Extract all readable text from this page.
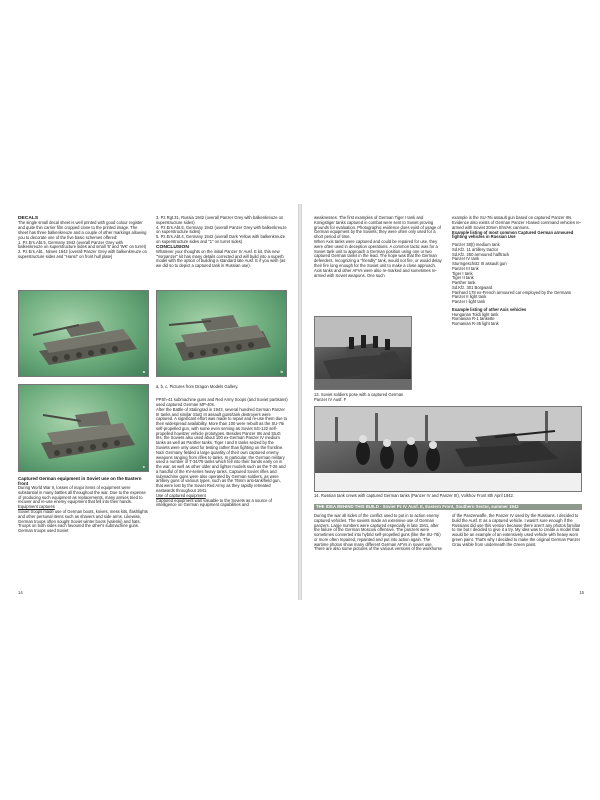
DECALS

The single small decal sheet is well printed with good colour register and quite thin carrier film cropped close to the printed image. The sheet has three balkenkreuze and a couple of other markings allowing you to decorate one of the five basic schemes offered:

1. Pz.Ers.Abt.5, Germany 1942 (overall Panzer Grey with balkenkreuze on superstructure sides and small '6' and 'WK' on turret)
2. Pz.Ers.Abt., Nimes 1942 (overall Panzer Grey with balkenkreuze on superstructure sides and "Hansi" on front hull plate)
3. Pz.Rgt.31, Russia 1942 (overall Panzer Grey with balkenkreuze on superstructure sides)
4. Pz.Ers.Abt.5, Germany 1942 (overall Panzer Grey with balkenkreuze on superstructure sides)
5. Pz.Ers.Abt.4, Germany 1942 (overall Dark Yellow with balkenkreuze on superstructure sides and "1" on turret sides)
CONCLUSION

Whatever your thoughts on the initial Panzer IV Ausf. E kit, this new "Vorpanzer" kit has many details corrected and will build into a superb model with the option of building a standard late Ausf. E if you wish (as we did so to depict a captured tank in Russian use).

a	b
c
a, b, c. Pictures from Dragon Models Gallery.
Captured German equipment in Soviet use on the Eastern front

During World War II, losses of major items of equipment were substantial in many battles all throughout the war. Due to the expense of producing such equipment as replacements, many armies tried to recover and re-use enemy equipment that fell into their hands.

Equipment captures

Soviet troops made use of German boots, knives, mess kits, flashlights and other personal items such as shavers and side arms. Likewise, German troops often sought Soviet winter boots (valenki) and hats. Troops on both sides each favoured the other's submachine guns. German troops used Soviet

PPSh-41 submachine guns and Red Army troops (and Soviet partisans) used captured German MP-40s.

After the Battle of Stalingrad in 1943, several hundred German Panzer III tanks and similar StuG III assault guns/tank destroyers were captured. A significant effort was made to repair and re-use them due to their widespread availability. More than 100 were rebuilt as the SU-76i self-propelled gun, with some even serving as Soviet SG-122 self-propelled howitzer vehicle prototypes. Besides Panzer IIIs and StuG IIIs, the Soviets also used about 100 ex-German Panzer IV medium tanks as well as Panther tanks. Tiger I and II tanks seized by the Soviets were only used for testing rather than fighting on the frontline.

Nazi Germany fielded a large quantity of their own captured enemy weapons ranging from rifles to tanks. In particular, the German military used a number of T-34/76 tanks which fell into their hands early on in the war, as well as other older and lighter models such as the T-26 and a handful of the KV-series heavy tanks. Captured Soviet rifles and submachine guns were also operated by German soldiers, as were artillery guns of various types, such as the 76mm anti-tank/field gun, that were lost by the Soviet Red Army as they rapidly retreated eastwards throughout 1941.

Use of captured equipment

Captured equipment was valuable to the Soviets as a source of intelligence on German equipment capabilities and

14

weaknesses. The first examples of German Tiger I tank and Königstiger tanks captured in combat were sent to Soviet proving grounds for evaluation. Photographic evidence does exist of usage of German equipment by the Soviets; they were often only used for a short period of time.

When Axis tanks were captured and could be repaired for use, they were often used in deception operations. A common tactic was for a Soviet tank unit to approach a German position using one or two captured German tanks in the lead. The hope was that the German defenders, recognizing a "friendly" tank, would not fire, or would delay their fire long enough for the Soviet unit to make a close approach.

Axis tanks and other AFVs were also re-marked and sometimes re-armed with Soviet weapons. One such

13. Soviet soldiers pose with a captured German Panzer IV Ausf. F

example is the SU-76i assault gun based on captured Panzer IIIs. Evidence also exists of German Panzer I-based command vehicles re-armed with Soviet 20mm ShVAK cannons.

Example listing of most common Captured German armoured fighting vehicles in Russian Use
Panzer 38(t) medium tank
Sd.Kfz. 11 artillery tractor
Sd.Kfz. 250 armoured halftrack
Panzer IV tank
Sturmgeschütz III assault gun
Panzer III tank
Tiger I tank
Tiger II tank
Panther tank
Sd.Kfz. 301 Borgward
Panhard 178 ex-French armoured car employed by the Germans
Panzer II light tank
Panzer I light tank
Example listing of other Axis vehicles
Hungarian Toldi light tank
Romanian R-1 tankette
Romanian R-35 light tank
14. Russian tank crews with captured German tanks (Panzer IV and Panzer III), Volkhov Front 8th April 1942.
THE IDEA BEHIND THIS BUILD - Soviet Pz IV Ausf. E, Eastern Front, Southern Sector, summer 1942
During the war all sides of the conflict used to put in to action enemy captured vehicles. The soviets made an extensive use of German panzers. Large numbers were captured especially in late 1941, after the failure of the German Moscow offensive. The panzers were sometimes converted into hybrid self-propelled guns (like the SU-76i) or more often repaired, repainted and put into action again. The wartime photos show many different German AFVs in soviet use. There are also some pictures of the various versions of the workhorse
of the Panzerwaffe, the Panzer IV used by the Russians. I decided to build the Ausf. E as a captured vehicle. I wasn't sure enough if the Russians did use this version because there aren't any photos familiar to me but I decided to give it a try. My idea was to create a model that would be an example of an extensively used vehicle with heavy worn green paint. That's why I decided to make the original German Panzer Grau visible from underneath the Green paint.
15
